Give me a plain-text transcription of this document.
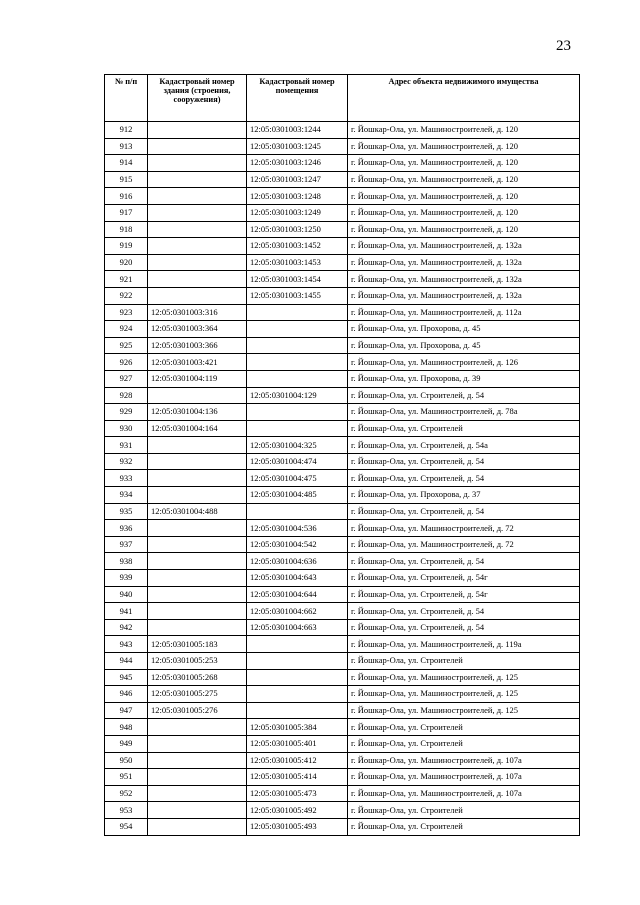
23
№ п/п	Кадастровый номер здания (строения, сооружения)	Кадастровый номер помещения	Адрес объекта недвижимого имущества
912		12:05:0301003:1244	г. Йошкар-Ола, ул. Машиностроителей, д. 120
913		12:05:0301003:1245	г. Йошкар-Ола, ул. Машиностроителей, д. 120
914		12:05:0301003:1246	г. Йошкар-Ола, ул. Машиностроителей, д. 120
915		12:05:0301003:1247	г. Йошкар-Ола, ул. Машиностроителей, д. 120
916		12:05:0301003:1248	г. Йошкар-Ола, ул. Машиностроителей, д. 120
917		12:05:0301003:1249	г. Йошкар-Ола, ул. Машиностроителей, д. 120
918		12:05:0301003:1250	г. Йошкар-Ола, ул. Машиностроителей, д. 120
919		12:05:0301003:1452	г. Йошкар-Ола, ул. Машиностроителей, д. 132а
920		12:05:0301003:1453	г. Йошкар-Ола, ул. Машиностроителей, д. 132а
921		12:05:0301003:1454	г. Йошкар-Ола, ул. Машиностроителей, д. 132а
922		12:05:0301003:1455	г. Йошкар-Ола, ул. Машиностроителей, д. 132а
923	12:05:0301003:316		г. Йошкар-Ола, ул. Машиностроителей, д. 112а
924	12:05:0301003:364		г. Йошкар-Ола, ул. Прохорова, д. 45
925	12:05:0301003:366		г. Йошкар-Ола, ул. Прохорова, д. 45
926	12:05:0301003:421		г. Йошкар-Ола, ул. Машиностроителей, д. 126
927	12:05:0301004:119		г. Йошкар-Ола, ул. Прохорова, д. 39
928		12:05:0301004:129	г. Йошкар-Ола, ул. Строителей, д. 54
929	12:05:0301004:136		г. Йошкар-Ола, ул. Машиностроителей, д. 78а
930	12:05:0301004:164		г. Йошкар-Ола, ул. Строителей
931		12:05:0301004:325	г. Йошкар-Ола, ул. Строителей, д. 54а
932		12:05:0301004:474	г. Йошкар-Ола, ул. Строителей, д. 54
933		12:05:0301004:475	г. Йошкар-Ола, ул. Строителей, д. 54
934		12:05:0301004:485	г. Йошкар-Ола, ул. Прохорова, д. 37
935	12:05:0301004:488		г. Йошкар-Ола, ул. Строителей, д. 54
936		12:05:0301004:536	г. Йошкар-Ола, ул. Машиностроителей, д. 72
937		12:05:0301004:542	г. Йошкар-Ола, ул. Машиностроителей, д. 72
938		12:05:0301004:636	г. Йошкар-Ола, ул. Строителей, д. 54
939		12:05:0301004:643	г. Йошкар-Ола, ул. Строителей, д. 54г
940		12:05:0301004:644	г. Йошкар-Ола, ул. Строителей, д. 54г
941		12:05:0301004:662	г. Йошкар-Ола, ул. Строителей, д. 54
942		12:05:0301004:663	г. Йошкар-Ола, ул. Строителей, д. 54
943	12:05:0301005:183		г. Йошкар-Ола, ул. Машиностроителей, д. 119а
944	12:05:0301005:253		г. Йошкар-Ола, ул. Строителей
945	12:05:0301005:268		г. Йошкар-Ола, ул. Машиностроителей, д. 125
946	12:05:0301005:275		г. Йошкар-Ола, ул. Машиностроителей, д. 125
947	12:05:0301005:276		г. Йошкар-Ола, ул. Машиностроителей, д. 125
948		12:05:0301005:384	г. Йошкар-Ола, ул. Строителей
949		12:05:0301005:401	г. Йошкар-Ола, ул. Строителей
950		12:05:0301005:412	г. Йошкар-Ола, ул. Машиностроителей, д. 107а
951		12:05:0301005:414	г. Йошкар-Ола, ул. Машиностроителей, д. 107а
952		12:05:0301005:473	г. Йошкар-Ола, ул. Машиностроителей, д. 107а
953		12:05:0301005:492	г. Йошкар-Ола, ул. Строителей
954		12:05:0301005:493	г. Йошкар-Ола, ул. Строителей
